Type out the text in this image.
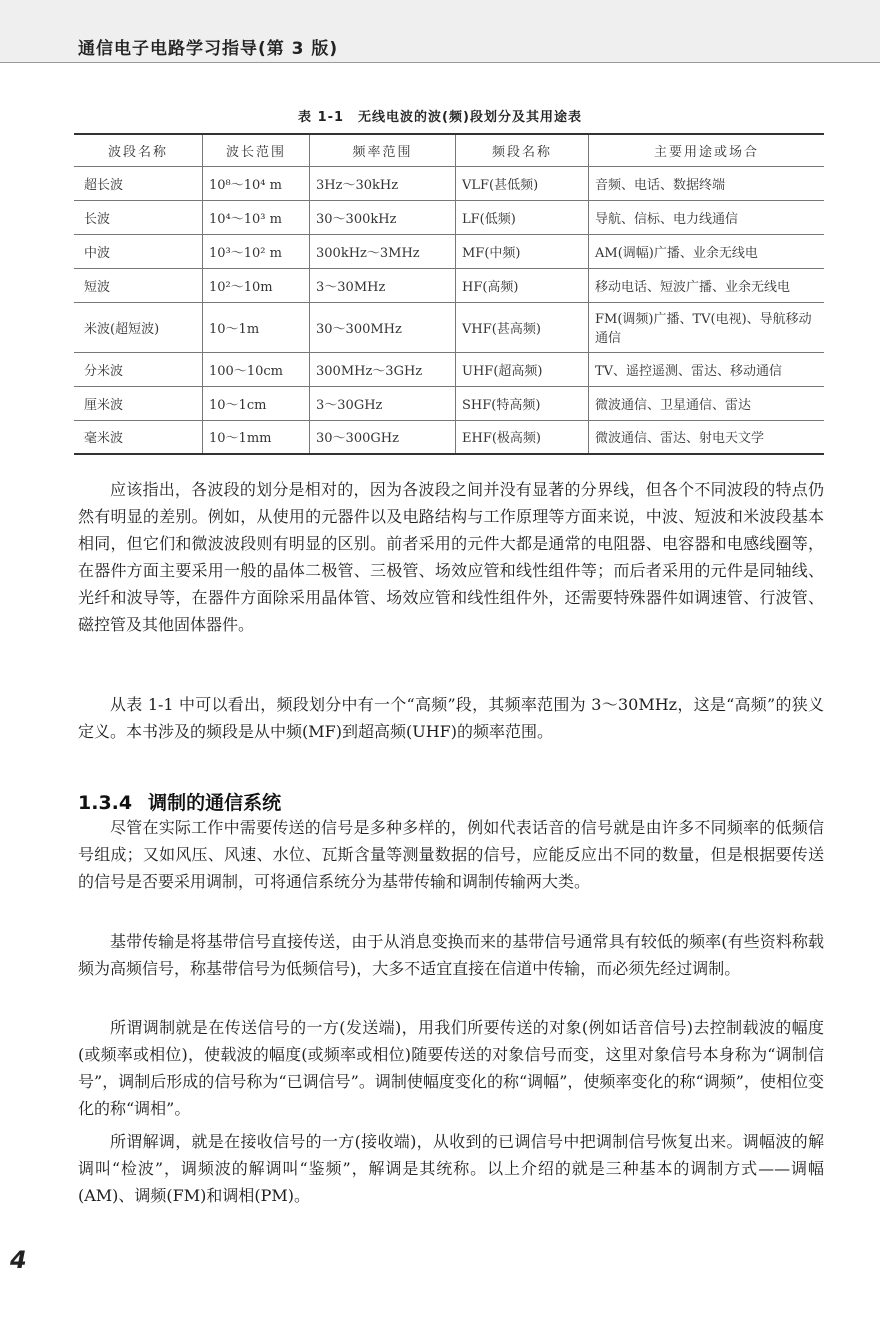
通信电子电路学习指导(第 3 版)
表 1-1　无线电波的波(频)段划分及其用途表
波段名称	波长范围	频率范围	频段名称	主要用途或场合
超长波	10⁸～10⁴ m	3Hz～30kHz	VLF(甚低频)	音频、电话、数据终端
长波	10⁴～10³ m	30～300kHz	LF(低频)	导航、信标、电力线通信
中波	10³～10² m	300kHz～3MHz	MF(中频)	AM(调幅)广播、业余无线电
短波	10²～10m	3～30MHz	HF(高频)	移动电话、短波广播、业余无线电
米波(超短波)	10～1m	30～300MHz	VHF(甚高频)	FM(调频)广播、TV(电视)、导航移动通信
分米波	100～10cm	300MHz～3GHz	UHF(超高频)	TV、遥控遥测、雷达、移动通信
厘米波	10～1cm	3～30GHz	SHF(特高频)	微波通信、卫星通信、雷达
毫米波	10～1mm	30～300GHz	EHF(极高频)	微波通信、雷达、射电天文学

应该指出，各波段的划分是相对的，因为各波段之间并没有显著的分界线，但各个不同波段的特点仍然有明显的差别。例如，从使用的元器件以及电路结构与工作原理等方面来说，中波、短波和米波段基本相同，但它们和微波波段则有明显的区别。前者采用的元件大都是通常的电阻器、电容器和电感线圈等，在器件方面主要采用一般的晶体二极管、三极管、场效应管和线性组件等；而后者采用的元件是同轴线、光纤和波导等，在器件方面除采用晶体管、场效应管和线性组件外，还需要特殊器件如调速管、行波管、磁控管及其他固体器件。

从表 1-1 中可以看出，频段划分中有一个“高频”段，其频率范围为 3～30MHz，这是“高频”的狭义定义。本书涉及的频段是从中频(MF)到超高频(UHF)的频率范围。

1.3.4 调制的通信系统

尽管在实际工作中需要传送的信号是多种多样的，例如代表话音的信号就是由许多不同频率的低频信号组成；又如风压、风速、水位、瓦斯含量等测量数据的信号，应能反应出不同的数量，但是根据要传送的信号是否要采用调制，可将通信系统分为基带传输和调制传输两大类。

基带传输是将基带信号直接传送，由于从消息变换而来的基带信号通常具有较低的频率(有些资料称载频为高频信号，称基带信号为低频信号)，大多不适宜直接在信道中传输，而必须先经过调制。

所谓调制就是在传送信号的一方(发送端)，用我们所要传送的对象(例如话音信号)去控制载波的幅度(或频率或相位)，使载波的幅度(或频率或相位)随要传送的对象信号而变，这里对象信号本身称为“调制信号”，调制后形成的信号称为“已调信号”。调制使幅度变化的称“调幅”，使频率变化的称“调频”，使相位变化的称“调相”。

所谓解调，就是在接收信号的一方(接收端)，从收到的已调信号中把调制信号恢复出来。调幅波的解调叫“检波”，调频波的解调叫“鉴频”，解调是其统称。以上介绍的就是三种基本的调制方式——调幅(AM)、调频(FM)和调相(PM)。

4
